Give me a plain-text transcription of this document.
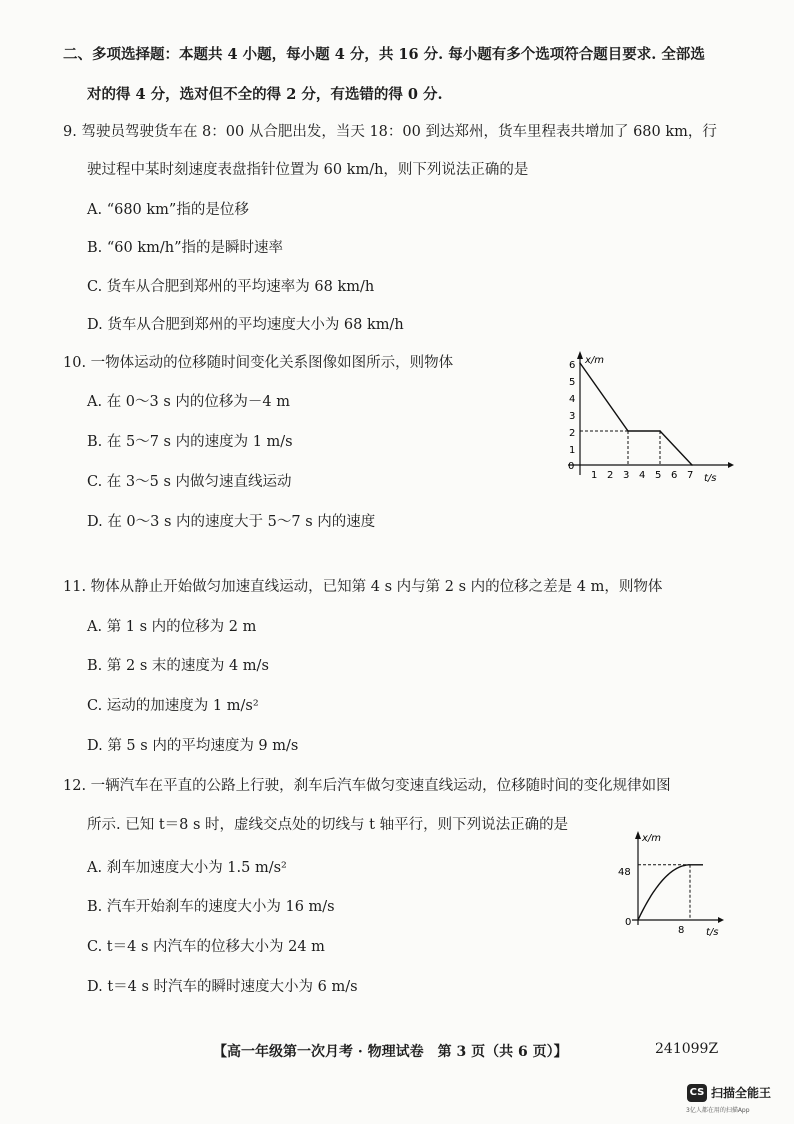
二、多项选择题：本题共 4 小题，每小题 4 分，共 16 分. 每小题有多个选项符合题目要求. 全部选
对的得 4 分，选对但不全的得 2 分，有选错的得 0 分.
9. 驾驶员驾驶货车在 8：00 从合肥出发，当天 18：00 到达郑州，货车里程表共增加了 680 km，行
驶过程中某时刻速度表盘指针位置为 60 km/h，则下列说法正确的是
A. “680 km”指的是位移
B. “60 km/h”指的是瞬时速率
C. 货车从合肥到郑州的平均速率为 68 km/h
D. 货车从合肥到郑州的平均速度大小为 68 km/h
10. 一物体运动的位移随时间变化关系图像如图所示，则物体
A. 在 0～3 s 内的位移为－4 m
B. 在 5～7 s 内的速度为 1 m/s
C. 在 3～5 s 内做匀速直线运动
D. 在 0～3 s 内的速度大于 5～7 s 内的速度
x/m
t/s
0
1
2
3
4
5
6
1 2 3 4 5 6 7
11. 物体从静止开始做匀加速直线运动，已知第 4 s 内与第 2 s 内的位移之差是 4 m，则物体
A. 第 1 s 内的位移为 2 m
B. 第 2 s 末的速度为 4 m/s
C. 运动的加速度为 1 m/s²
D. 第 5 s 内的平均速度为 9 m/s
12. 一辆汽车在平直的公路上行驶，刹车后汽车做匀变速直线运动，位移随时间的变化规律如图
所示. 已知 t＝8 s 时，虚线交点处的切线与 t 轴平行，则下列说法正确的是
A. 刹车加速度大小为 1.5 m/s²
B. 汽车开始刹车的速度大小为 16 m/s
C. t＝4 s 内汽车的位移大小为 24 m
D. t＝4 s 时汽车的瞬时速度大小为 6 m/s
x/m
t/s
0
48
8
【高一年级第一次月考 · 物理试卷　第 3 页（共 6 页）】	241099Z
CS 扫描全能王
3亿人都在用的扫描App
